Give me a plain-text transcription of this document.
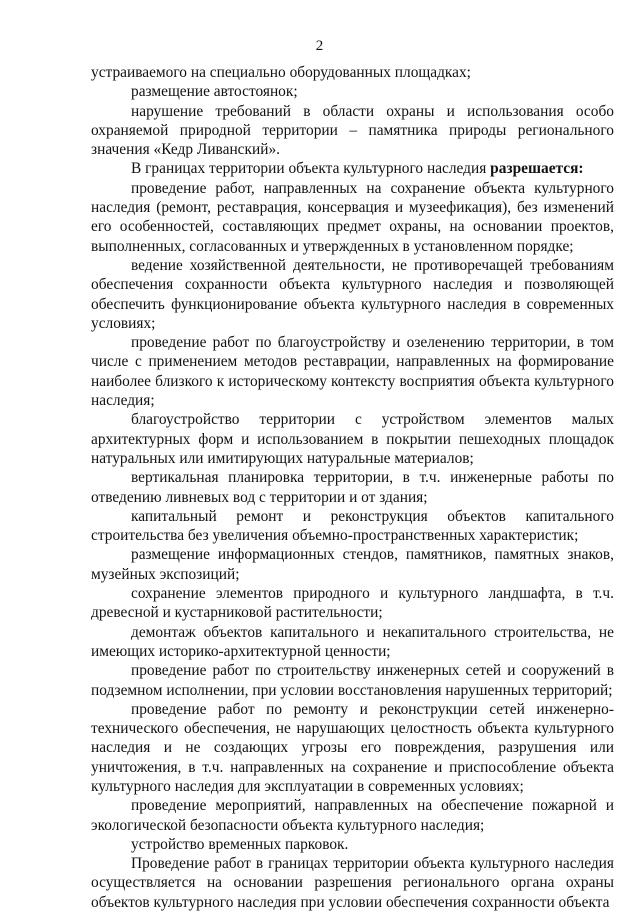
2

устраиваемого на специально оборудованных площадках;

размещение автостоянок;

нарушение требований в области охраны и использования особо охраняемой природной территории – памятника природы регионального значения «Кедр Ливанский».

В границах территории объекта культурного наследия разрешается:

проведение работ, направленных на сохранение объекта культурного наследия (ремонт, реставрация, консервация и музеефикация), без изменений его особенностей, составляющих предмет охраны, на основании проектов, выполненных, согласованных и утвержденных в установленном порядке;

ведение хозяйственной деятельности, не противоречащей требованиям обеспечения сохранности объекта культурного наследия и позволяющей обеспечить функционирование объекта культурного наследия в современных условиях;

проведение работ по благоустройству и озеленению территории, в том числе с применением методов реставрации, направленных на формирование наиболее близкого к историческому контексту восприятия объекта культурного наследия;

благоустройство территории с устройством элементов малых архитектурных форм и использованием в покрытии пешеходных площадок натуральных или имитирующих натуральные материалов;

вертикальная планировка территории, в т.ч. инженерные работы по отведению ливневых вод с территории и от здания;

капитальный ремонт и реконструкция объектов капитального строительства без увеличения объемно-пространственных характеристик;

размещение информационных стендов, памятников, памятных знаков, музейных экспозиций;

сохранение элементов природного и культурного ландшафта, в т.ч. древесной и кустарниковой растительности;

демонтаж объектов капитального и некапитального строительства, не имеющих историко-архитектурной ценности;

проведение работ по строительству инженерных сетей и сооружений в подземном исполнении, при условии восстановления нарушенных территорий;

проведение работ по ремонту и реконструкции сетей инженерно-технического обеспечения, не нарушающих целостность объекта культурного наследия и не создающих угрозы его повреждения, разрушения или уничтожения, в т.ч. направленных на сохранение и приспособление объекта культурного наследия для эксплуатации в современных условиях;

проведение мероприятий, направленных на обеспечение пожарной и экологической безопасности объекта культурного наследия;

устройство временных парковок.

Проведение работ в границах территории объекта культурного наследия осуществляется на основании разрешения регионального органа охраны объектов культурного наследия при условии обеспечения сохранности объекта
